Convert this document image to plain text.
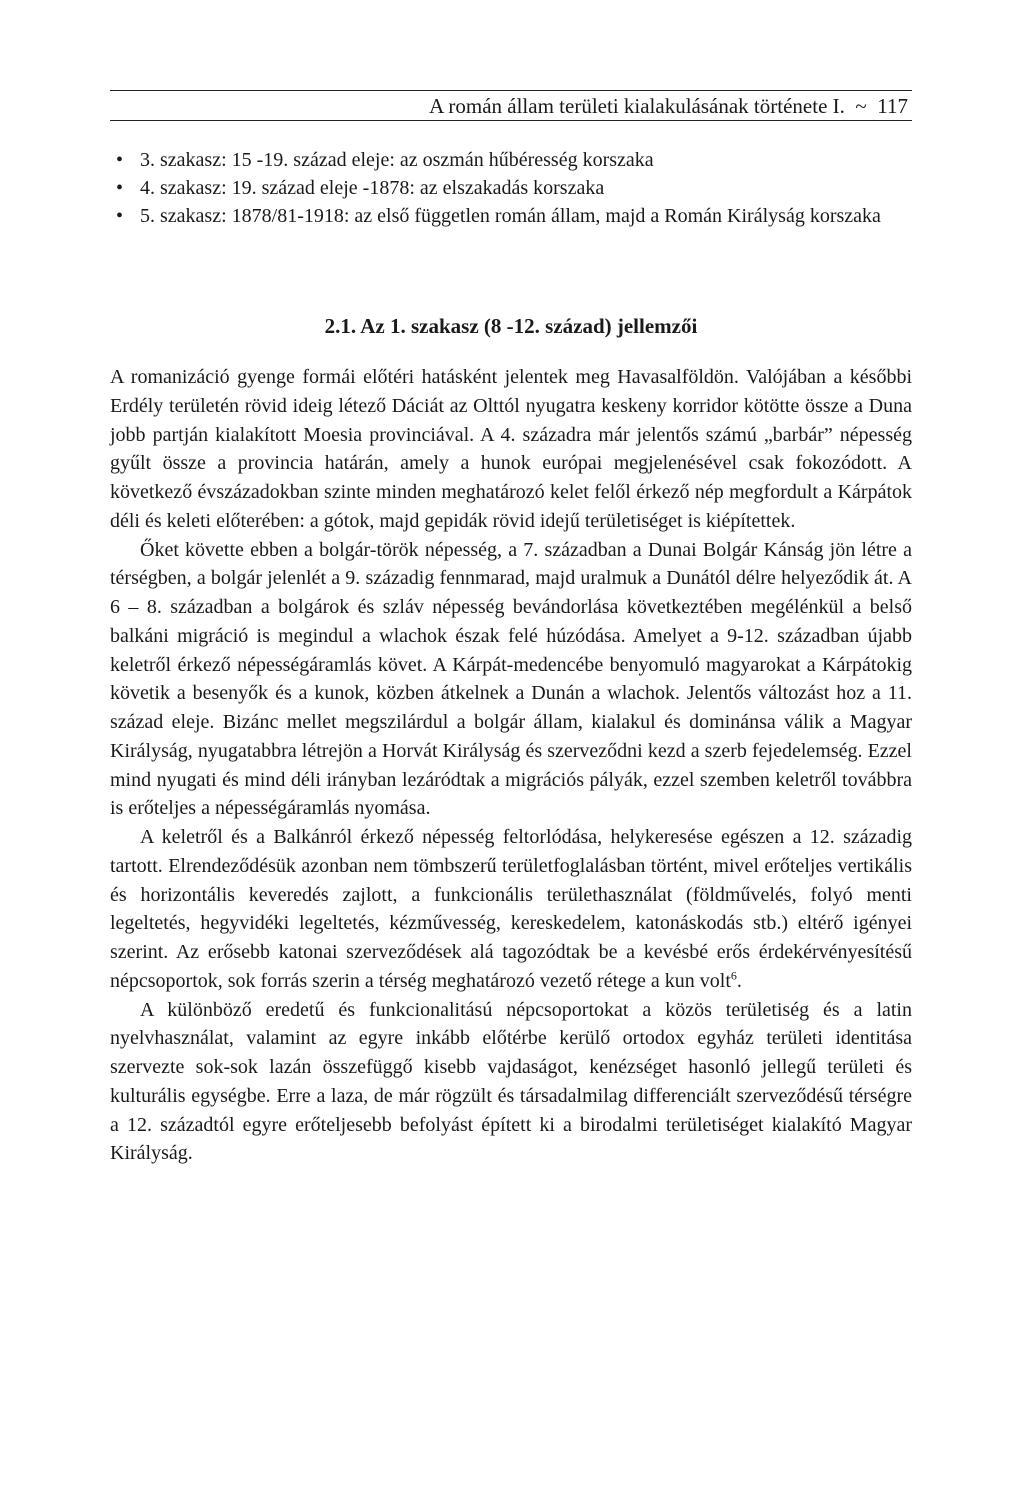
A román állam területi kialakulásának története I. ~ 117
• 3. szakasz: 15 -19. század eleje: az oszmán hűbéresség korszaka
• 4. szakasz: 19. század eleje -1878: az elszakadás korszaka
• 5. szakasz: 1878/81-1918: az első független román állam, majd a Román Királyság korszaka
2.1. Az 1. szakasz (8 -12. század) jellemzői

A romanizáció gyenge formái előtéri hatásként jelentek meg Havasalföldön. Valójában a későbbi Erdély területén rövid ideig létező Dáciát az Olttól nyugatra keskeny korridor kötötte össze a Duna jobb partján kialakított Moesia provinciával. A 4. századra már jelentős számú „barbár” népesség gyűlt össze a provincia határán, amely a hunok európai megjelenésével csak fokozódott. A következő évszázadokban szinte minden meghatározó kelet felől érkező nép megfordult a Kárpátok déli és keleti előterében: a gótok, majd gepidák rövid idejű területiséget is kiépítettek.

Őket követte ebben a bolgár-török népesség, a 7. században a Dunai Bolgár Kánság jön létre a térségben, a bolgár jelenlét a 9. századig fennmarad, majd uralmuk a Dunától délre helyeződik át. A 6 – 8. században a bolgárok és szláv népesség bevándorlása következtében megélénkül a belső balkáni migráció is megindul a wlachok észak felé húzódása. Amelyet a 9-12. században újabb keletről érkező népességáramlás követ. A Kárpát-medencébe benyomuló magyarokat a Kárpátokig követik a besenyők és a kunok, közben átkelnek a Dunán a wlachok. Jelentős változást hoz a 11. század eleje. Bizánc mellet megszilárdul a bolgár állam, kialakul és dominánsa válik a Magyar Királyság, nyugatabbra létrejön a Horvát Királyság és szerveződni kezd a szerb fejedelemség. Ezzel mind nyugati és mind déli irányban lezáródtak a migrációs pályák, ezzel szemben keletről továbbra is erőteljes a népességáramlás nyomása.

A keletről és a Balkánról érkező népesség feltorlódása, helykeresése egészen a 12. századig tartott. Elrendeződésük azonban nem tömbszerű területfoglalásban történt, mivel erőteljes vertikális és horizontális keveredés zajlott, a funkcionális területhasználat (földművelés, folyó menti legeltetés, hegyvidéki legeltetés, kézművesség, kereskedelem, katonáskodás stb.) eltérő igényei szerint. Az erősebb katonai szerveződések alá tagozódtak be a kevésbé erős érdekérvényesítésű népcsoportok, sok forrás szerin a térség meghatározó vezető rétege a kun volt$^6$.

A különböző eredetű és funkcionalitású népcsoportokat a közös területiség és a latin nyelvhasználat, valamint az egyre inkább előtérbe kerülő ortodox egyház területi identitása szervezte sok-sok lazán összefüggő kisebb vajdaságot, kenézséget hasonló jellegű területi és kulturális egységbe. Erre a laza, de már rögzült és társadalmilag differenciált szerveződésű térségre a 12. századtól egyre erőteljesebb befolyást épített ki a birodalmi területiséget kialakító Magyar Királyság.
